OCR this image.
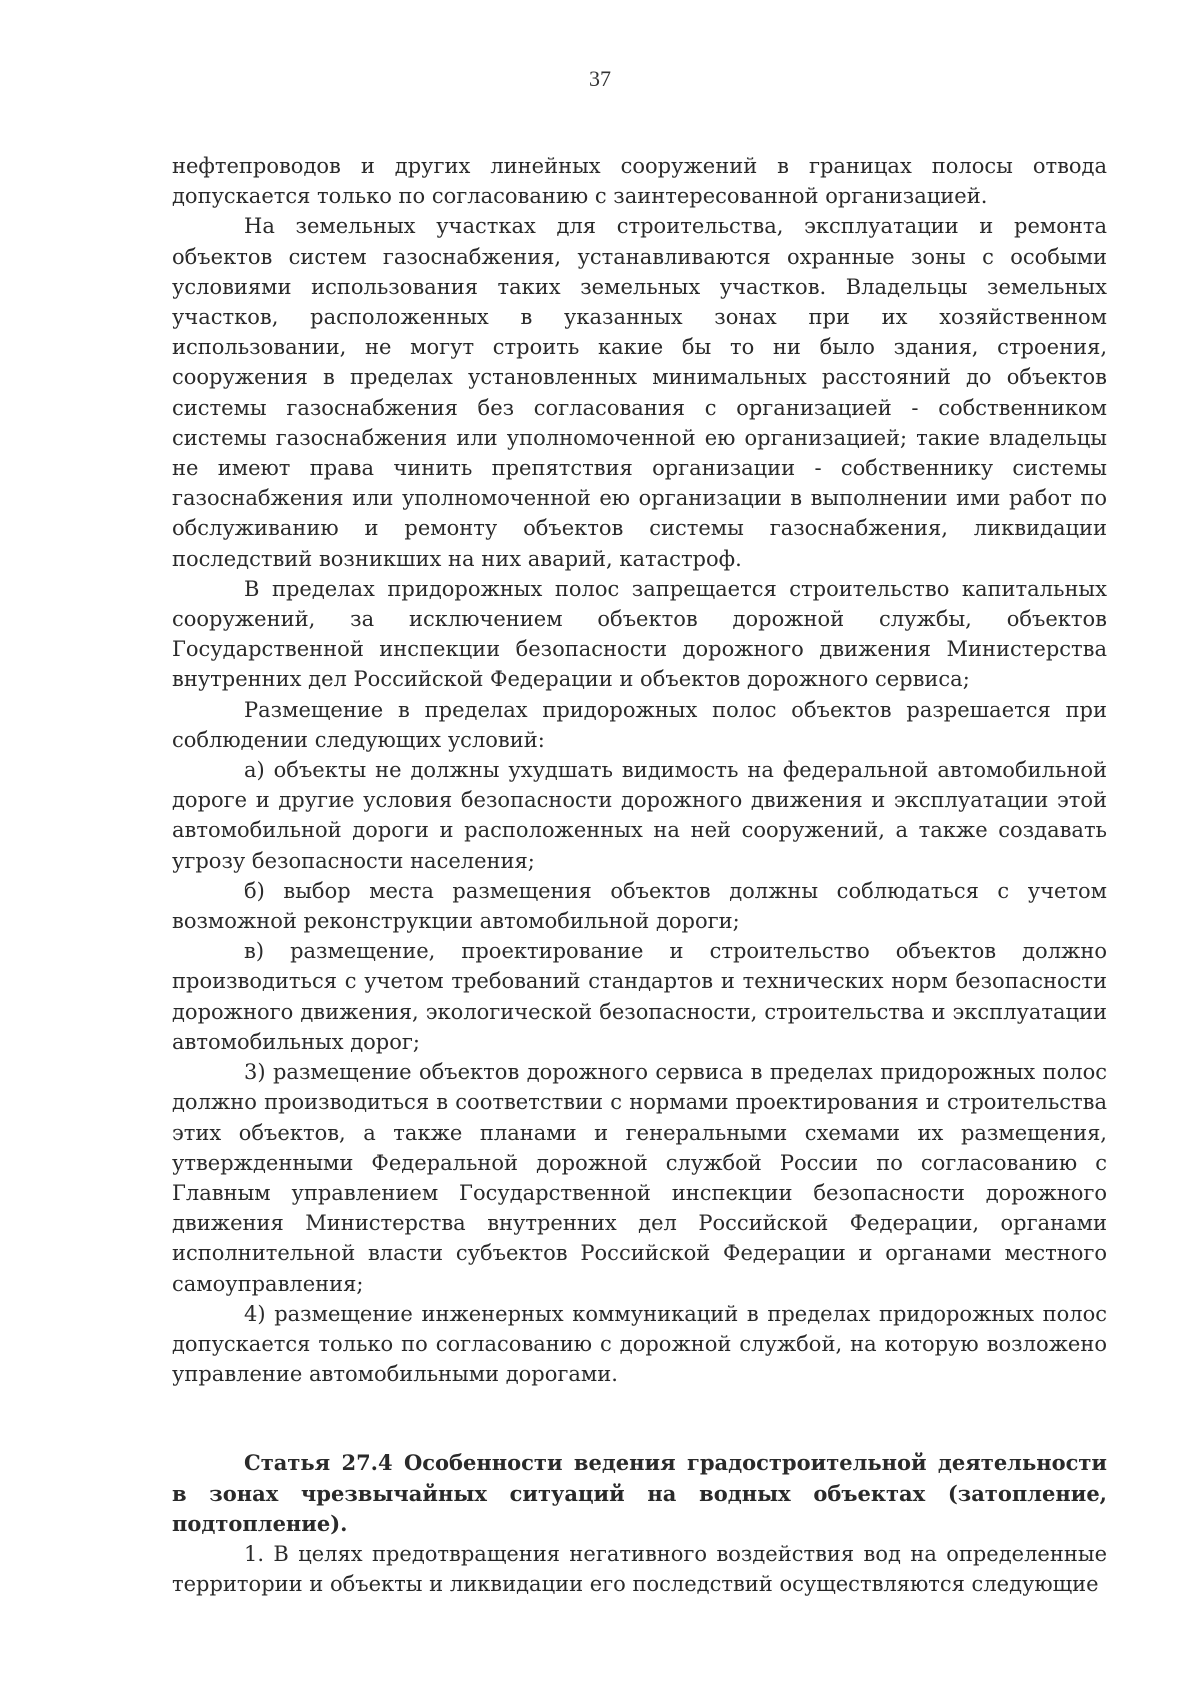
37

нефтепроводов и других линейных сооружений в границах полосы отвода допускается только по согласованию с заинтересованной организацией.

На земельных участках для строительства, эксплуатации и ремонта объектов систем газоснабжения, устанавливаются охранные зоны с особыми условиями использования таких земельных участков. Владельцы земельных участков, расположенных в указанных зонах при их хозяйственном использовании, не могут строить какие бы то ни было здания, строения, сооружения в пределах установленных минимальных расстояний до объектов системы газоснабжения без согласования с организацией - собственником системы газоснабжения или уполномоченной ею организацией; такие владельцы не имеют права чинить препятствия организации - собственнику системы газоснабжения или уполномоченной ею организации в выполнении ими работ по обслуживанию и ремонту объектов системы газоснабжения, ликвидации последствий возникших на них аварий, катастроф.

В пределах придорожных полос запрещается строительство капитальных сооружений, за исключением объектов дорожной службы, объектов Государственной инспекции безопасности дорожного движения Министерства внутренних дел Российской Федерации и объектов дорожного сервиса;

Размещение в пределах придорожных полос объектов разрешается при соблюдении следующих условий:

а) объекты не должны ухудшать видимость на федеральной автомобильной дороге и другие условия безопасности дорожного движения и эксплуатации этой автомобильной дороги и расположенных на ней сооружений, а также создавать угрозу безопасности населения;

б) выбор места размещения объектов должны соблюдаться с учетом возможной реконструкции автомобильной дороги;

в) размещение, проектирование и строительство объектов должно производиться с учетом требований стандартов и технических норм безопасности дорожного движения, экологической безопасности, строительства и эксплуатации автомобильных дорог;

3) размещение объектов дорожного сервиса в пределах придорожных полос должно производиться в соответствии с нормами проектирования и строительства этих объектов, а также планами и генеральными схемами их размещения, утвержденными Федеральной дорожной службой России по согласованию с Главным управлением Государственной инспекции безопасности дорожного движения Министерства внутренних дел Российской Федерации, органами исполнительной власти субъектов Российской Федерации и органами местного самоуправления;

4) размещение инженерных коммуникаций в пределах придорожных полос допускается только по согласованию с дорожной службой, на которую возложено управление автомобильными дорогами.

Статья 27.4 Особенности ведения градостроительной деятельности в зонах чрезвычайных ситуаций на водных объектах (затопление, подтопление).

1. В целях предотвращения негативного воздействия вод на определенные территории и объекты и ликвидации его последствий осуществляются следующие
